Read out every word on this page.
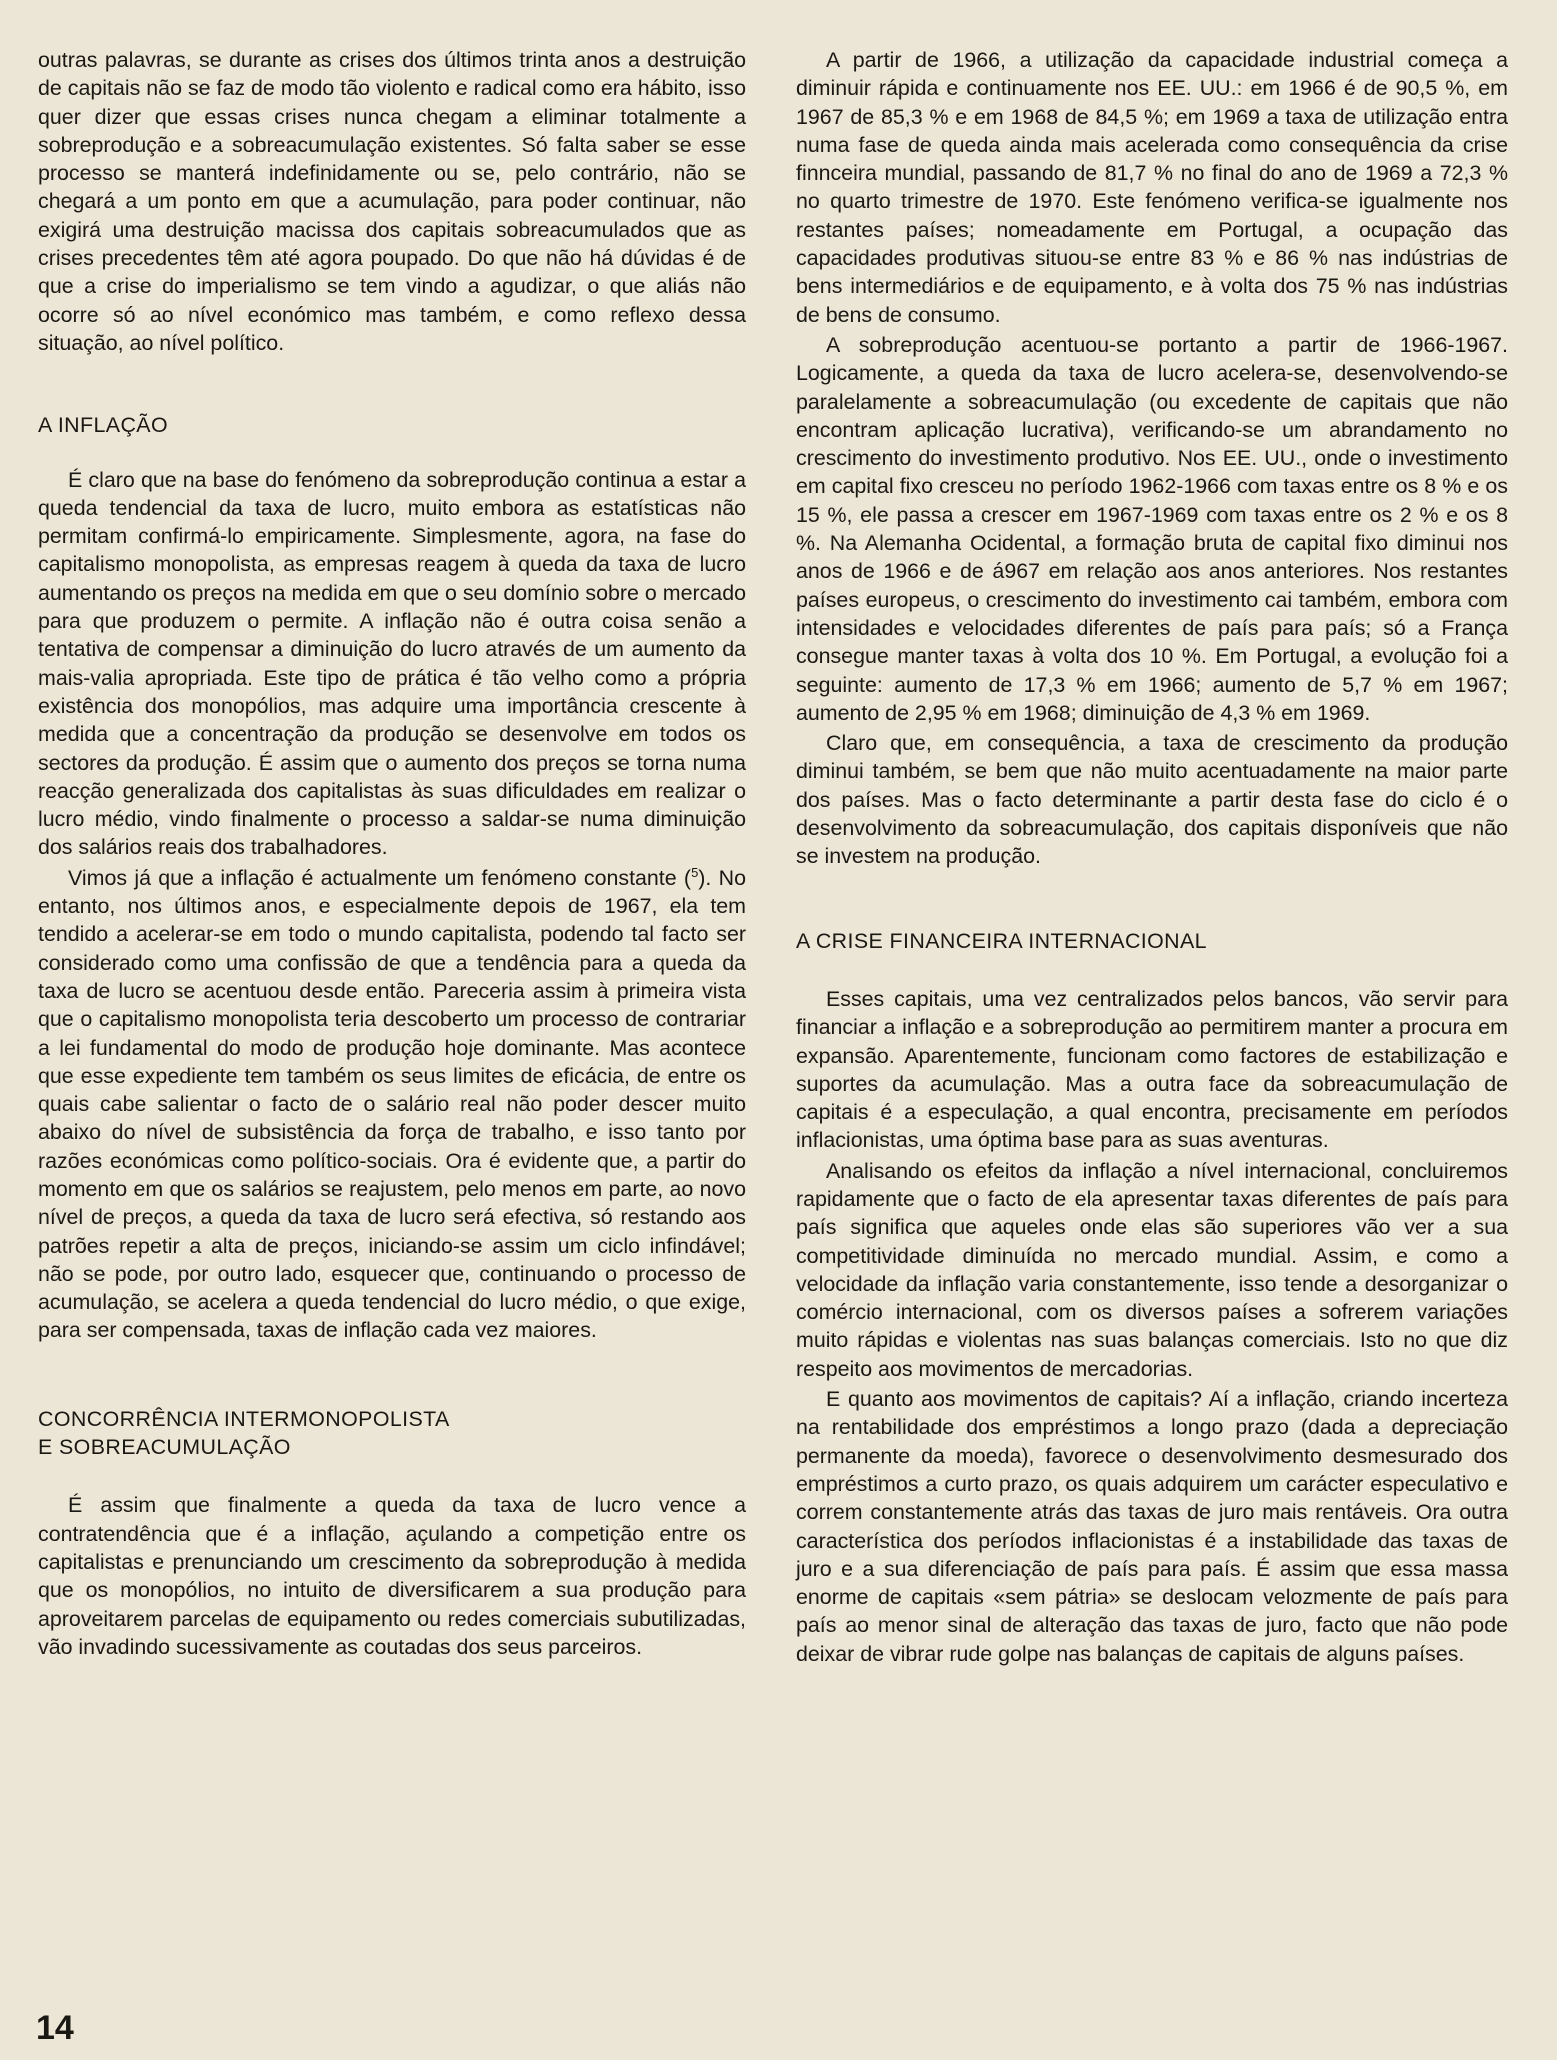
outras palavras, se durante as crises dos últimos trinta anos a destruição de capitais não se faz de modo tão violento e radical como era hábito, isso quer dizer que essas crises nunca chegam a eliminar totalmente a sobreprodução e a sobreacumulação existentes. Só falta saber se esse processo se manterá indefinidamente ou se, pelo contrário, não se chegará a um ponto em que a acumulação, para poder continuar, não exigirá uma destruição macissa dos capitais sobreacumulados que as crises precedentes têm até agora poupado. Do que não há dúvidas é de que a crise do imperialismo se tem vindo a agudizar, o que aliás não ocorre só ao nível económico mas também, e como reflexo dessa situação, ao nível político.

A INFLAÇÃO

É claro que na base do fenómeno da sobreprodução continua a estar a queda tendencial da taxa de lucro, muito embora as estatísticas não permitam confirmá-lo empiricamente. Simplesmente, agora, na fase do capitalismo monopolista, as empresas reagem à queda da taxa de lucro aumentando os preços na medida em que o seu domínio sobre o mercado para que produzem o permite. A inflação não é outra coisa senão a tentativa de compensar a diminuição do lucro através de um aumento da mais-valia apropriada. Este tipo de prática é tão velho como a própria existência dos monopólios, mas adquire uma importância crescente à medida que a concentração da produção se desenvolve em todos os sectores da produção. É assim que o aumento dos preços se torna numa reacção generalizada dos capitalistas às suas dificuldades em realizar o lucro médio, vindo finalmente o processo a saldar-se numa diminuição dos salários reais dos trabalhadores.

Vimos já que a inflação é actualmente um fenómeno constante ($^5$). No entanto, nos últimos anos, e especialmente depois de 1967, ela tem tendido a acelerar-se em todo o mundo capitalista, podendo tal facto ser considerado como uma confissão de que a tendência para a queda da taxa de lucro se acentuou desde então. Pareceria assim à primeira vista que o capitalismo monopolista teria descoberto um processo de contrariar a lei fundamental do modo de produção hoje dominante. Mas acontece que esse expediente tem também os seus limites de eficácia, de entre os quais cabe salientar o facto de o salário real não poder descer muito abaixo do nível de subsistência da força de trabalho, e isso tanto por razões económicas como político-sociais. Ora é evidente que, a partir do momento em que os salários se reajustem, pelo menos em parte, ao novo nível de preços, a queda da taxa de lucro será efectiva, só restando aos patrões repetir a alta de preços, iniciando-se assim um ciclo infindável; não se pode, por outro lado, esquecer que, continuando o processo de acumulação, se acelera a queda tendencial do lucro médio, o que exige, para ser compensada, taxas de inflação cada vez maiores.

CONCORRÊNCIA INTERMONOPOLISTA
E SOBREACUMULAÇÃO

É assim que finalmente a queda da taxa de lucro vence a contratendência que é a inflação, açulando a competição entre os capitalistas e prenunciando um crescimento da sobreprodução à medida que os monopólios, no intuito de diversificarem a sua produção para aproveitarem parcelas de equipamento ou redes comerciais subutilizadas, vão invadindo sucessivamente as coutadas dos seus parceiros.

A partir de 1966, a utilização da capacidade industrial começa a diminuir rápida e continuamente nos EE. UU.: em 1966 é de 90,5 %, em 1967 de 85,3 % e em 1968 de 84,5 %; em 1969 a taxa de utilização entra numa fase de queda ainda mais acelerada como consequência da crise finnceira mundial, passando de 81,7 % no final do ano de 1969 a 72,3 % no quarto trimestre de 1970. Este fenómeno verifica-se igualmente nos restantes países; nomeadamente em Portugal, a ocupação das capacidades produtivas situou-se entre 83 % e 86 % nas indústrias de bens intermediários e de equipamento, e à volta dos 75 % nas indústrias de bens de consumo.

A sobreprodução acentuou-se portanto a partir de 1966-1967. Logicamente, a queda da taxa de lucro acelera-se, desenvolvendo-se paralelamente a sobreacumulação (ou excedente de capitais que não encontram aplicação lucrativa), verificando-se um abrandamento no crescimento do investimento produtivo. Nos EE. UU., onde o investimento em capital fixo cresceu no período 1962-1966 com taxas entre os 8 % e os 15 %, ele passa a crescer em 1967-1969 com taxas entre os 2 % e os 8 %. Na Alemanha Ocidental, a formação bruta de capital fixo diminui nos anos de 1966 e de á967 em relação aos anos anteriores. Nos restantes países europeus, o crescimento do investimento cai também, embora com intensidades e velocidades diferentes de país para país; só a França consegue manter taxas à volta dos 10 %. Em Portugal, a evolução foi a seguinte: aumento de 17,3 % em 1966; aumento de 5,7 % em 1967; aumento de 2,95 % em 1968; diminuição de 4,3 % em 1969.

Claro que, em consequência, a taxa de crescimento da produção diminui também, se bem que não muito acentuadamente na maior parte dos países. Mas o facto determinante a partir desta fase do ciclo é o desenvolvimento da sobreacumulação, dos capitais disponíveis que não se investem na produção.

A CRISE FINANCEIRA INTERNACIONAL

Esses capitais, uma vez centralizados pelos bancos, vão servir para financiar a inflação e a sobreprodução ao permitirem manter a procura em expansão. Aparentemente, funcionam como factores de estabilização e suportes da acumulação. Mas a outra face da sobreacumulação de capitais é a especulação, a qual encontra, precisamente em períodos inflacionistas, uma óptima base para as suas aventuras.

Analisando os efeitos da inflação a nível internacional, concluiremos rapidamente que o facto de ela apresentar taxas diferentes de país para país significa que aqueles onde elas são superiores vão ver a sua competitividade diminuída no mercado mundial. Assim, e como a velocidade da inflação varia constantemente, isso tende a desorganizar o comércio internacional, com os diversos países a sofrerem variações muito rápidas e violentas nas suas balanças comerciais. Isto no que diz respeito aos movimentos de mercadorias.

E quanto aos movimentos de capitais? Aí a inflação, criando incerteza na rentabilidade dos empréstimos a longo prazo (dada a depreciação permanente da moeda), favorece o desenvolvimento desmesurado dos empréstimos a curto prazo, os quais adquirem um carácter especulativo e correm constantemente atrás das taxas de juro mais rentáveis. Ora outra característica dos períodos inflacionistas é a instabilidade das taxas de juro e a sua diferenciação de país para país. É assim que essa massa enorme de capitais «sem pátria» se deslocam velozmente de país para país ao menor sinal de alteração das taxas de juro, facto que não pode deixar de vibrar rude golpe nas balanças de capitais de alguns países.

14
